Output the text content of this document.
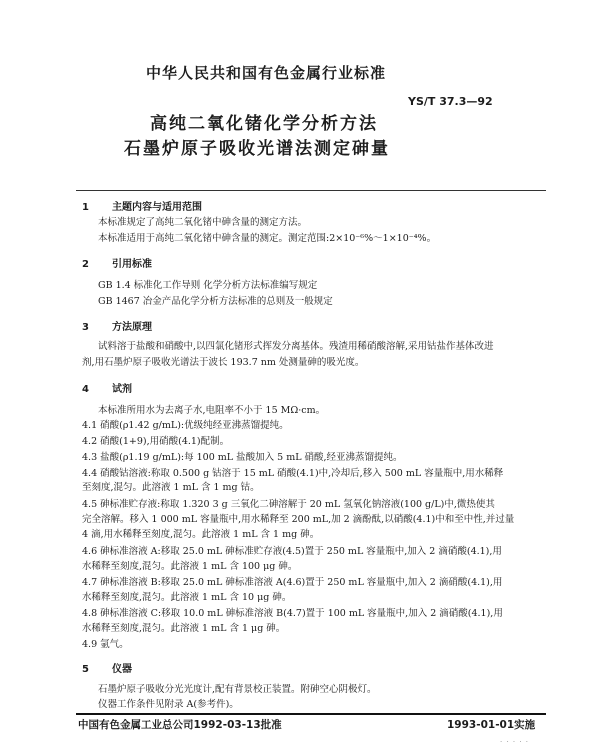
中华人民共和国有色金属行业标准
YS/T 37.3—92
高纯二氧化锗化学分析方法
石墨炉原子吸收光谱法测定砷量
1 主题内容与适用范围
本标准规定了高纯二氧化锗中砷含量的测定方法。
本标准适用于高纯二氧化锗中砷含量的测定。测定范围:2×10⁻⁶%～1×10⁻⁴%。
2 引用标准
GB 1.4 标准化工作导则 化学分析方法标准编写规定
GB 1467 冶金产品化学分析方法标准的总则及一般规定
3 方法原理
试料溶于盐酸和硝酸中,以四氯化锗形式挥发分离基体。残渣用稀硝酸溶解,采用钴盐作基体改进
剂,用石墨炉原子吸收光谱法于波长 193.7 nm 处测量砷的吸光度。
4 试剂
本标准所用水为去离子水,电阻率不小于 15 MΩ·cm。
4.1 硝酸(ρ1.42 g/mL):优级纯经亚沸蒸馏提纯。
4.2 硝酸(1+9),用硝酸(4.1)配制。
4.3 盐酸(ρ1.19 g/mL):每 100 mL 盐酸加入 5 mL 硝酸,经亚沸蒸馏提纯。
4.4 硝酸钴溶液:称取 0.500 g 钴溶于 15 mL 硝酸(4.1)中,冷却后,移入 500 mL 容量瓶中,用水稀释
至刻度,混匀。此溶液 1 mL 含 1 mg 钴。
4.5 砷标准贮存液:称取 1.320 3 g 三氧化二砷溶解于 20 mL 氢氧化钠溶液(100 g/L)中,微热使其
完全溶解。移入 1 000 mL 容量瓶中,用水稀释至 200 mL,加 2 滴酚酞,以硝酸(4.1)中和至中性,并过量
4 滴,用水稀释至刻度,混匀。此溶液 1 mL 含 1 mg 砷。
4.6 砷标准溶液 A:移取 25.0 mL 砷标准贮存液(4.5)置于 250 mL 容量瓶中,加入 2 滴硝酸(4.1),用
水稀释至刻度,混匀。此溶液 1 mL 含 100 μg 砷。
4.7 砷标准溶液 B:移取 25.0 mL 砷标准溶液 A(4.6)置于 250 mL 容量瓶中,加入 2 滴硝酸(4.1),用
水稀释至刻度,混匀。此溶液 1 mL 含 10 μg 砷。
4.8 砷标准溶液 C:移取 10.0 mL 砷标准溶液 B(4.7)置于 100 mL 容量瓶中,加入 2 滴硝酸(4.1),用
水稀释至刻度,混匀。此溶液 1 mL 含 1 μg 砷。
4.9 氩气。
5 仪器
石墨炉原子吸收分光光度计,配有背景校正装置。附砷空心阴极灯。
仪器工作条件见附录 A(参考件)。
中国有色金属工业总公司1992-03-13批准	1993-01-01实施
· · · · ·
